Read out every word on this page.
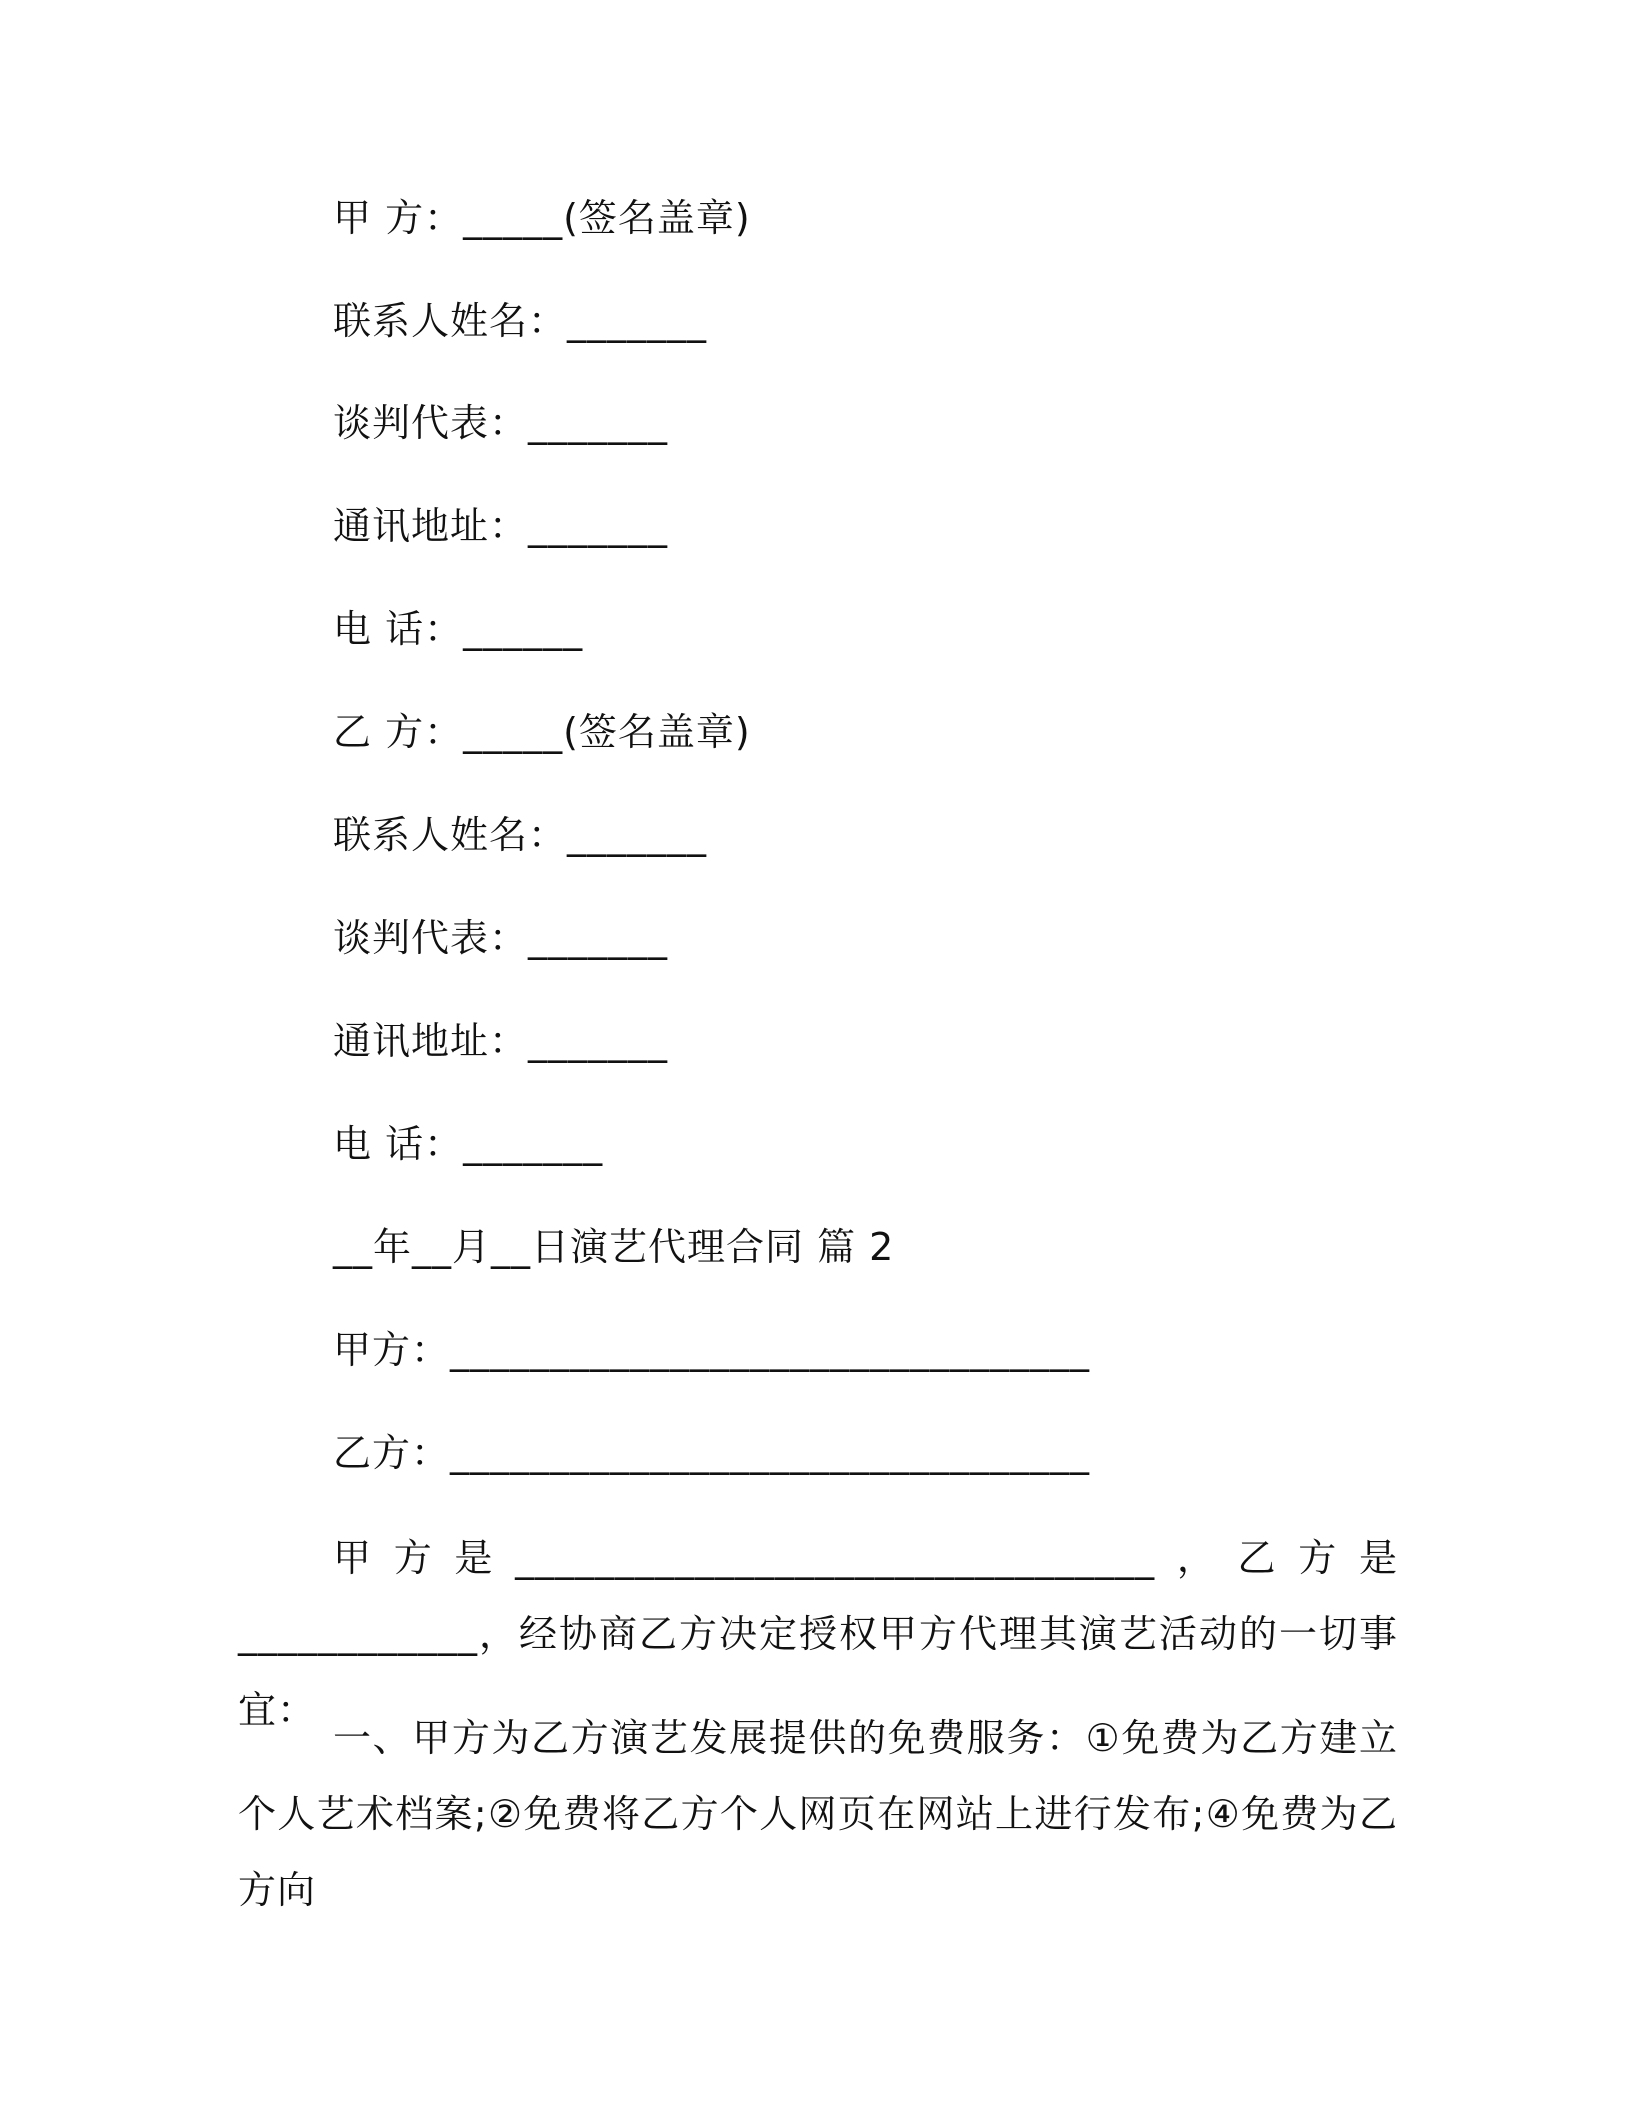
甲 方：_____(签名盖章)
联系人姓名：_______
谈判代表：_______
通讯地址：_______
电 话：______
乙 方：_____(签名盖章)
联系人姓名：_______
谈判代表：_______
通讯地址：_______
电 话：_______
__年__月__日演艺代理合同 篇 2
甲方：________________________________
乙方：________________________________
甲方是________________________________，乙方是____________，经协商乙方决定授权甲方代理其演艺活动的一切事宜：
一、甲方为乙方演艺发展提供的免费服务：①免费为乙方建立个人艺术档案;②免费将乙方个人网页在网站上进行发布;④免费为乙方向
